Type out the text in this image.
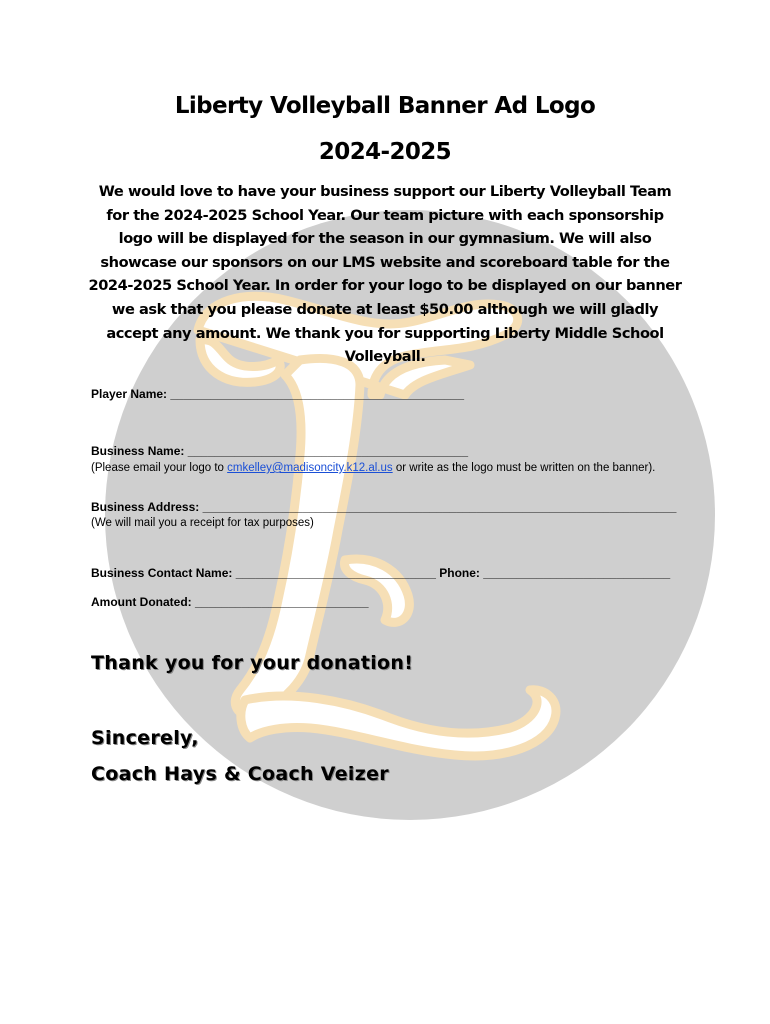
Liberty Volleyball Banner Ad Logo
2024-2025

We would love to have your business support our Liberty Volleyball Team for the 2024-2025 School Year. Our team picture with each sponsorship logo will be displayed for the season in our gymnasium. We will also showcase our sponsors on our LMS website and scoreboard table for the 2024-2025 School Year. In order for your logo to be displayed on our banner we ask that you please donate at least $50.00 although we will gladly accept any amount. We thank you for supporting Liberty Middle School Volleyball.

Player Name: ____________________________________________

Business Name: __________________________________________

(Please email your logo to cmkelley@madisoncity.k12.al.us or write as the logo must be written on the banner).

Business Address: _______________________________________________________________________

(We will mail you a receipt for tax purposes)

Business Contact Name: ______________________________ Phone: ____________________________

Amount Donated: __________________________

Thank you for your donation!

Sincerely,

Coach Hays & Coach Veizer
